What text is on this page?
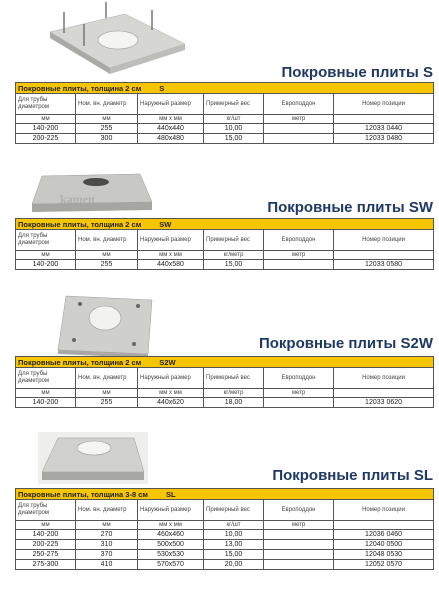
Покровные плиты S
Покровные плиты, толщина 2 см S					
Для трубы диаметром	Ном. вн. диаметр	Наружный размер	Примерный вес	Европоддон	Номер позиции
мм	мм	мм х мм	кг/шт	метр	
140-200	255	440x440	10,00		12033 0440
200-225	300	480x480	15,00		12033 0480
kamen	Покровные плиты SW
Покровные плиты, толщина 2 см SW					
Для трубы диаметром	Ном. вн. диаметр	Наружный размер	Примерный вес	Европоддон	Номер позиции
мм	мм	мм х мм	кг/метр	метр	
140-200	255	440x580	15,00		12033 0580
Покровные плиты S2W
Покровные плиты, толщина 2 см S2W					
Для трубы диаметром	Ном. вн. диаметр	Наружный размер	Примерный вес	Европоддон	Номер позиции
мм	мм	мм х мм	кг/метр	метр	
140-200	255	440x620	18,00		12033 0620
Покровные плиты SL
Покровные плиты, толщина 3-8 см SL					
Для трубы диаметром	Ном. вн. диаметр	Наружный размер	Примерный вес	Европоддон	Номер позиции
мм	мм	мм х мм	кг/шт	метр	
140-200	270	460x460	10,00		12036 0460
200-225	310	500x500	13,00		12040 0500
250-275	370	530x530	15,00		12048 0530
275-300	410	570x570	20,00		12052 0570
